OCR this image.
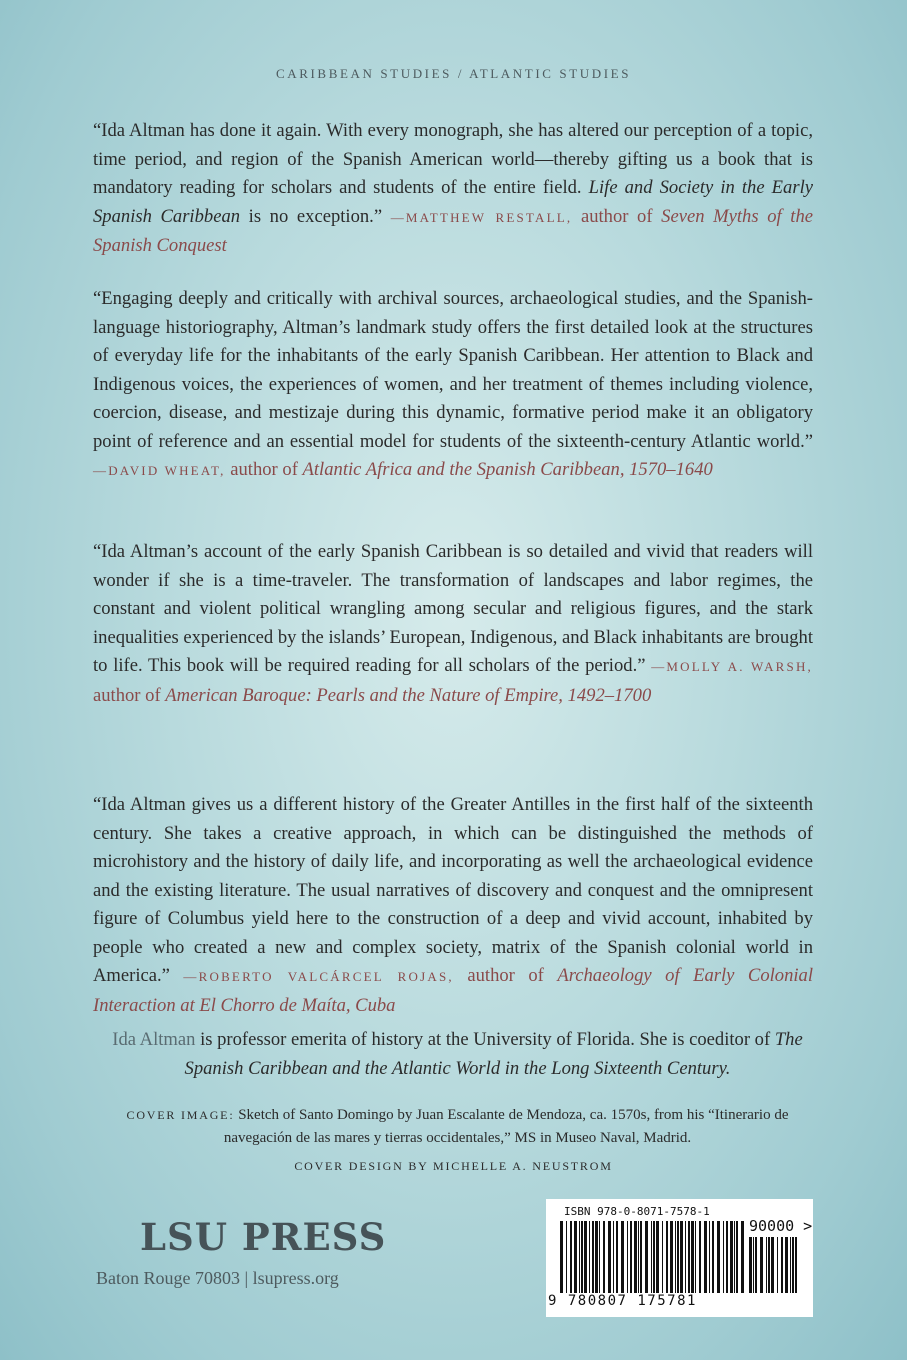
CARIBBEAN STUDIES / ATLANTIC STUDIES

“Ida Altman has done it again. With every monograph, she has altered our perception of a topic, time period, and region of the Spanish American world—thereby gifting us a book that is mandatory reading for scholars and students of the entire field. Life and Society in the Early Spanish Caribbean is no exception.” —MATTHEW RESTALL, author of Seven Myths of the Spanish Conquest

“Engaging deeply and critically with archival sources, archaeological studies, and the Spanish-language historiography, Altman’s landmark study offers the first detailed look at the structures of everyday life for the inhabitants of the early Spanish Caribbean. Her attention to Black and Indigenous voices, the experiences of women, and her treatment of themes including violence, coercion, disease, and mestizaje during this dynamic, formative period make it an obligatory point of reference and an essential model for students of the sixteenth-century Atlantic world.” —DAVID WHEAT, author of Atlantic Africa and the Spanish Caribbean, 1570–1640

“Ida Altman’s account of the early Spanish Caribbean is so detailed and vivid that readers will wonder if she is a time-traveler. The transformation of landscapes and labor regimes, the constant and violent political wrangling among secular and religious figures, and the stark inequalities experienced by the islands’ European, Indigenous, and Black inhabitants are brought to life. This book will be required reading for all scholars of the period.” —MOLLY A. WARSH, author of American Baroque: Pearls and the Nature of Empire, 1492–1700

“Ida Altman gives us a different history of the Greater Antilles in the first half of the sixteenth century. She takes a creative approach, in which can be distinguished the methods of microhistory and the history of daily life, and incorporating as well the archaeological evidence and the existing literature. The usual narratives of discovery and conquest and the omnipresent figure of Columbus yield here to the construction of a deep and vivid account, inhabited by people who created a new and complex society, matrix of the Spanish colonial world in America.” —ROBERTO VALCÁRCEL ROJAS, author of Archaeology of Early Colonial Interaction at El Chorro de Maíta, Cuba

Ida Altman is professor emerita of history at the University of Florida. She is coeditor of The Spanish Caribbean and the Atlantic World in the Long Sixteenth Century.

COVER IMAGE: Sketch of Santo Domingo by Juan Escalante de Mendoza, ca. 1570s, from his “Itinerario de navegación de las mares y tierras occidentales,” MS in Museo Naval, Madrid.

COVER DESIGN BY MICHELLE A. NEUSTROM
LSU PRESS
Baton Rouge 70803 | lsupress.org
ISBN 978-0-8071-7578-1
90000 >
9 780807 175781
